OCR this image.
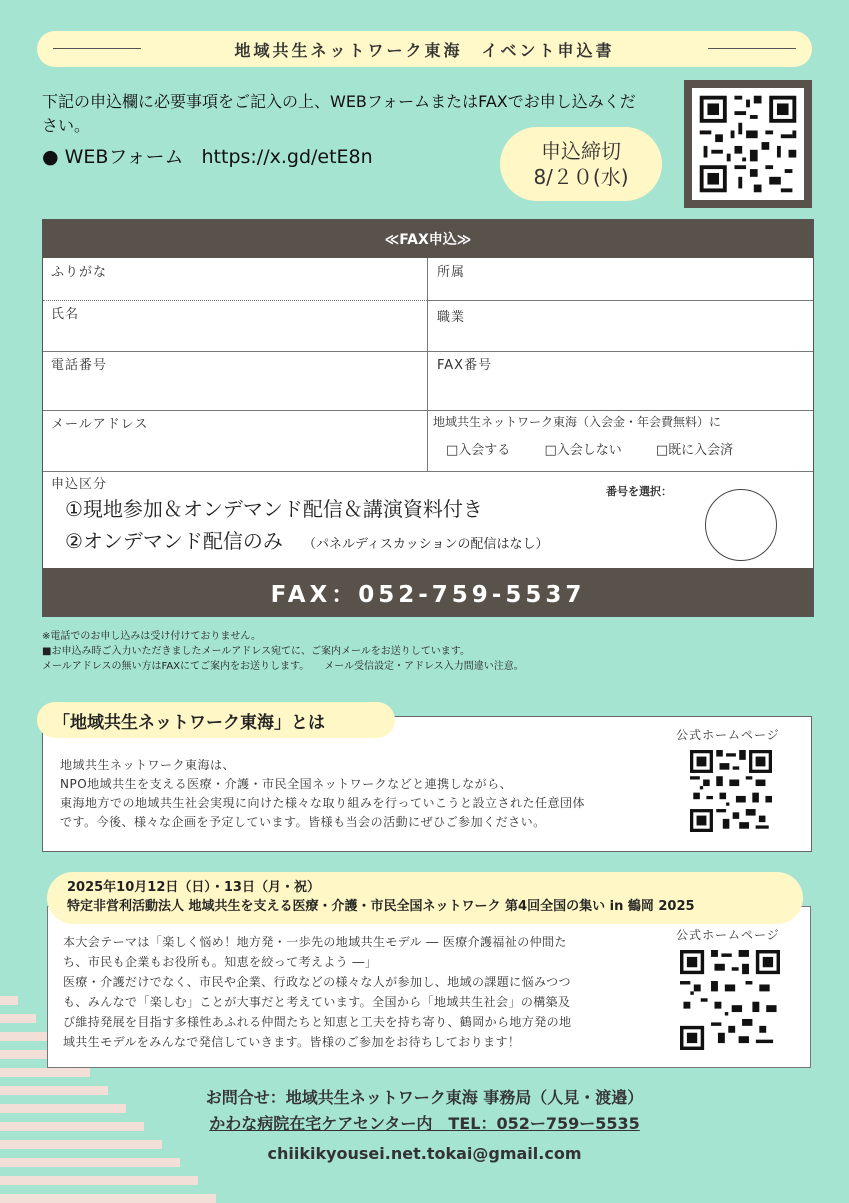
地域共生ネットワーク東海　イベント申込書
下記の申込欄に必要事項をご記入の上、WEBフォームまたはFAXでお申し込みください。
● WEBフォーム https://x.gd/etE8n	申込締切
8/２０(水)
≪FAX申込≫
ふりがな	所属
氏名	職業
電話番号	FAX番号
メールアドレス	地域共生ネットワーク東海（入会金・年会費無料）に
□入会する	□入会しない	□既に入会済
申込区分
①現地参加＆オンデマンド配信＆講演資料付き
②オンデマンド配信のみ （パネルディスカッションの配信はなし）
番号を選択：
FAX：052-759-5537
※電話でのお申し込みは受け付けておりません。
■お申込み時ご入力いただきましたメールアドレス宛てに、ご案内メールをお送りしています。
メールアドレスの無い方はFAXにてご案内をお送りします。　　メール受信設定・アドレス入力間違い注意。
「地域共生ネットワーク東海」とは
地域共生ネットワーク東海は、
NPO地域共生を支える医療・介護・市民全国ネットワークなどと連携しながら、
東海地方での地域共生社会実現に向けた様々な取り組みを行っていこうと設立された任意団体
です。今後、様々な企画を予定しています。皆様も当会の活動にぜひご参加ください。
公式ホームページ
2025年10月12日（日）・13日（月・祝）
特定非営利活動法人 地域共生を支える医療・介護・市民全国ネットワーク 第4回全国の集い in 鶴岡 2025
本大会テーマは「楽しく悩め！地方発・一歩先の地域共生モデル ― 医療介護福祉の仲間た
ち、市民も企業もお役所も。知恵を絞って考えよう ―」
医療・介護だけでなく、市民や企業、行政などの様々な人が参加し、地域の課題に悩みつつ
も、みんなで「楽しむ」ことが大事だと考えています。全国から「地域共生社会」の構築及
び維持発展を目指す多様性あふれる仲間たちと知恵と工夫を持ち寄り、鶴岡から地方発の地
域共生モデルをみんなで発信していきます。皆様のご参加をお待ちしております！
公式ホームページ
お問合せ：地域共生ネットワーク東海 事務局（人見・渡邉）
かわな病院在宅ケアセンター内　TEL：052ー759ー5535
chiikikyousei.net.tokai@gmail.com
